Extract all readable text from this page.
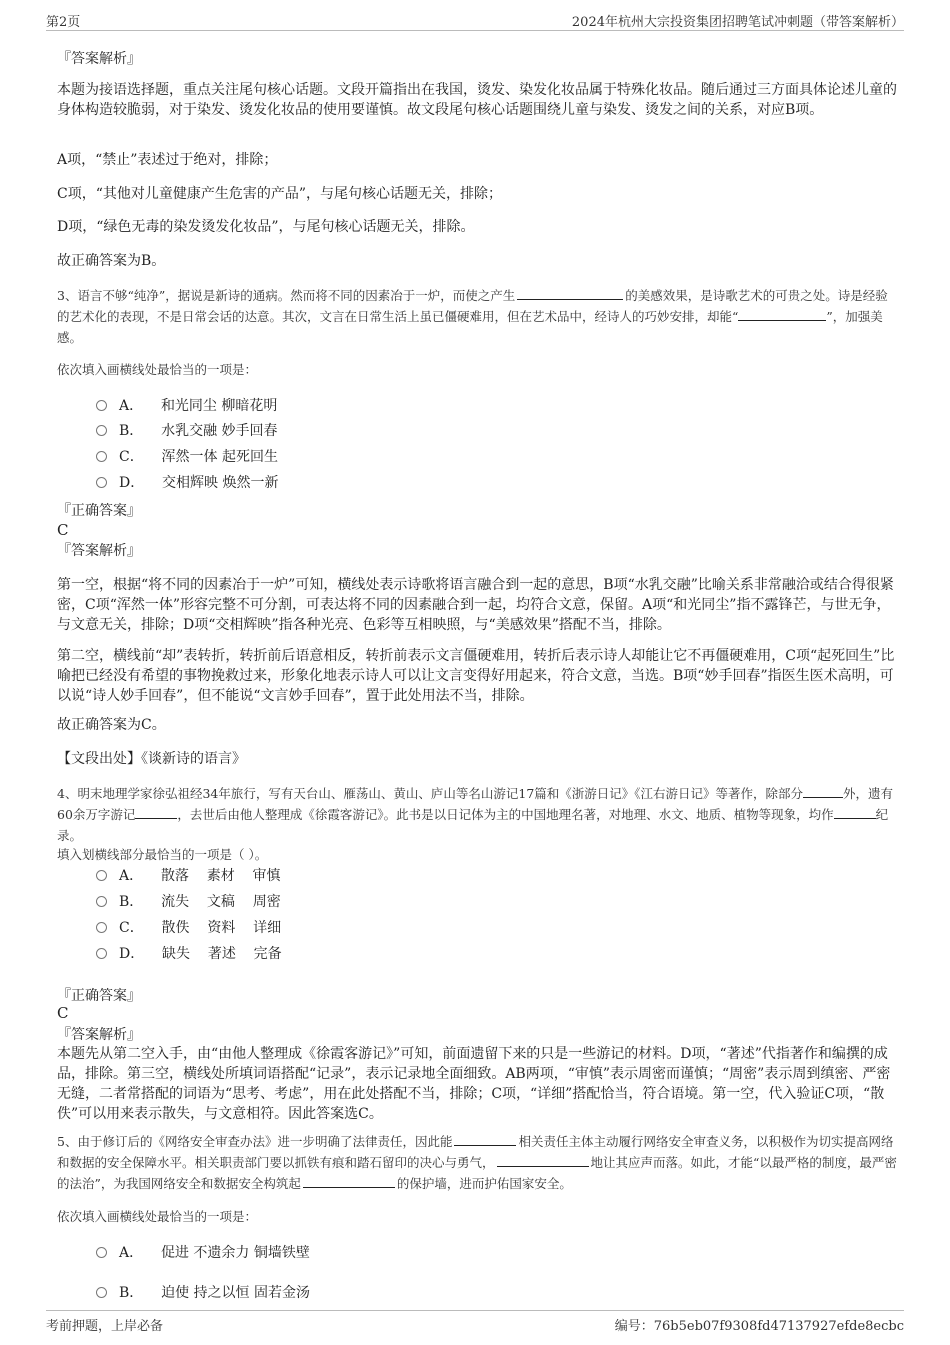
第2页	2024年杭州大宗投资集团招聘笔试冲刺题（带答案解析）
『答案解析』
本题为接语选择题，重点关注尾句核心话题。文段开篇指出在我国，烫发、染发化妆品属于特殊化妆品。随后通过三方面具体论述儿童的身体构造较脆弱，对于染发、烫发化妆品的使用要谨慎。故文段尾句核心话题围绕儿童与染发、烫发之间的关系，对应B项。
A项，“禁止”表述过于绝对，排除；
C项，“其他对儿童健康产生危害的产品”，与尾句核心话题无关，排除；
D项，“绿色无毒的染发烫发化妆品”，与尾句核心话题无关，排除。
故正确答案为B。
3、语言不够“纯净”，据说是新诗的通病。然而将不同的因素冶于一炉，而使之产生	的美感效果，是诗歌艺术的可贵之处。诗是经验的艺术化的表现，不是日常会话的达意。其次，文言在日常生活上虽已僵硬难用，但在艺术品中，经诗人的巧妙安排，却能“	”，加强美感。
依次填入画横线处最恰当的一项是：
A． 和光同尘 柳暗花明
B． 水乳交融 妙手回春
C． 浑然一体 起死回生
D． 交相辉映 焕然一新
『正确答案』
C
『答案解析』
第一空，根据“将不同的因素冶于一炉”可知，横线处表示诗歌将语言融合到一起的意思，B项“水乳交融”比喻关系非常融洽或结合得很紧密，C项“浑然一体”形容完整不可分割，可表达将不同的因素融合到一起，均符合文意，保留。A项“和光同尘”指不露锋芒，与世无争，与文意无关，排除；D项“交相辉映”指各种光亮、色彩等互相映照，与“美感效果”搭配不当，排除。
第二空，横线前“却”表转折，转折前后语意相反，转折前表示文言僵硬难用，转折后表示诗人却能让它不再僵硬难用，C项“起死回生”比喻把已经没有希望的事物挽救过来，形象化地表示诗人可以让文言变得好用起来，符合文意，当选。B项“妙手回春”指医生医术高明，可以说“诗人妙手回春”，但不能说“文言妙手回春”，置于此处用法不当，排除。
故正确答案为C。
【文段出处】《谈新诗的语言》
4、明末地理学家徐弘祖经34年旅行，写有天台山、雁荡山、黄山、庐山等名山游记17篇和《浙游日记》《江右游日记》等著作，除部分	外，遗有60余万字游记	，去世后由他人整理成《徐霞客游记》。此书是以日记体为主的中国地理名著，对地理、水文、地质、植物等现象，均作	纪录。
填入划横线部分最恰当的一项是（ ）。
A． 散落    素材    审慎
B． 流失    文稿    周密
C． 散佚    资料    详细
D． 缺失    著述    完备
『正确答案』
C
『答案解析』
本题先从第二空入手，由“由他人整理成《徐霞客游记》”可知，前面遗留下来的只是一些游记的材料。D项，“著述”代指著作和编撰的成品，排除。第三空，横线处所填词语搭配“记录”，表示记录地全面细致。AB两项，“审慎”表示周密而谨慎；“周密”表示周到缜密、严密无缝，二者常搭配的词语为“思考、考虑”，用在此处搭配不当，排除；C项，“详细”搭配恰当，符合语境。第一空，代入验证C项，“散佚”可以用来表示散失，与文意相符。因此答案选C。
5、由于修订后的《网络安全审查办法》进一步明确了法律责任，因此能	相关责任主体主动履行网络安全审查义务，以积极作为切实提高网络和数据的安全保障水平。相关职责部门要以抓铁有痕和踏石留印的决心与勇气，	地让其应声而落。如此，才能“以最严格的制度，最严密的法治”，为我国网络安全和数据安全构筑起	的保护墙，进而护佑国家安全。
依次填入画横线处最恰当的一项是：
A． 促进 不遗余力 铜墙铁壁
B． 迫使 持之以恒 固若金汤
考前押题，上岸必备	编号：76b5eb07f9308fd47137927efde8ecbc
